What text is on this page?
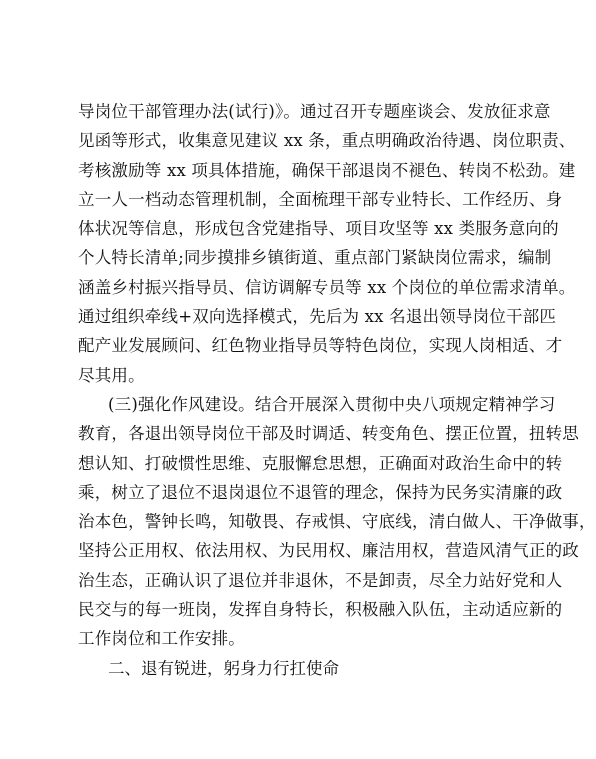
导岗位干部管理办法(试行)》。通过召开专题座谈会、发放征求意
见函等形式，收集意见建议 xx 条，重点明确政治待遇、岗位职责、
考核激励等 xx 项具体措施，确保干部退岗不褪色、转岗不松劲。建
立一人一档动态管理机制，全面梳理干部专业特长、工作经历、身
体状况等信息，形成包含党建指导、项目攻坚等 xx 类服务意向的
个人特长清单;同步摸排乡镇街道、重点部门紧缺岗位需求，编制
涵盖乡村振兴指导员、信访调解专员等 xx 个岗位的单位需求清单。
通过组织牵线+双向选择模式，先后为 xx 名退出领导岗位干部匹
配产业发展顾问、红色物业指导员等特色岗位，实现人岗相适、才
尽其用。
(三)强化作风建设。结合开展深入贯彻中央八项规定精神学习
教育，各退出领导岗位干部及时调适、转变角色、摆正位置，扭转思
想认知、打破惯性思维、克服懈怠思想，正确面对政治生命中的转
乘，树立了退位不退岗退位不退管的理念，保持为民务实清廉的政
治本色，警钟长鸣，知敬畏、存戒惧、守底线，清白做人、干净做事，
坚持公正用权、依法用权、为民用权、廉洁用权，营造风清气正的政
治生态，正确认识了退位并非退休，不是卸责，尽全力站好党和人
民交与的每一班岗，发挥自身特长，积极融入队伍，主动适应新的
工作岗位和工作安排。
二、退有锐进，躬身力行扛使命
